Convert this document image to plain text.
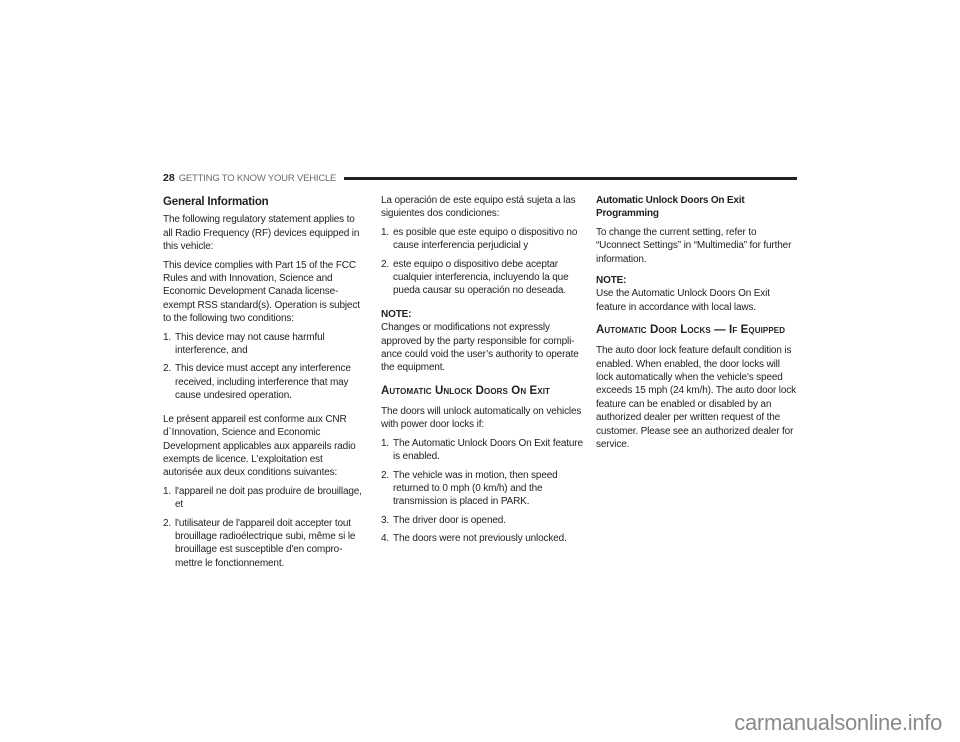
28 GETTING TO KNOW YOUR VEHICLE
General Information

The following regulatory statement applies to all Radio Frequency (RF) devices equipped in this vehicle:

This device complies with Part 15 of the FCC Rules and with Innovation, Science and Economic Development Canada license-exempt RSS standard(s). Operation is subject to the following two conditions:

1. This device may not cause harmful interference, and
2. This device must accept any interference received, including interference that may cause undesired operation.

Le présent appareil est conforme aux CNR d`Innovation, Science and Economic Development applicables aux appareils radio exempts de licence. L'exploitation est autorisée aux deux conditions suivantes:

1. l'appareil ne doit pas produire de brouillage, et
2. l'utilisateur de l'appareil doit accepter tout brouillage radioélectrique subi, même si le brouillage est susceptible d'en compro-mettre le fonctionnement.

La operación de este equipo está sujeta a las siguientes dos condiciones:

1. es posible que este equipo o dispositivo no cause interferencia perjudicial y
2. este equipo o dispositivo debe aceptar cualquier interferencia, incluyendo la que pueda causar su operación no deseada.
NOTE:

Changes or modifications not expressly approved by the party responsible for compli-ance could void the user’s authority to operate the equipment.

Automatic Unlock Doors On Exit

The doors will unlock automatically on vehicles with power door locks if:

1. The Automatic Unlock Doors On Exit feature is enabled.
2. The vehicle was in motion, then speed returned to 0 mph (0 km/h) and the transmission is placed in PARK.
3. The driver door is opened.
4. The doors were not previously unlocked.
Automatic Unlock Doors On Exit Programming

To change the current setting, refer to “Uconnect Settings” in “Multimedia” for further information.

NOTE:

Use the Automatic Unlock Doors On Exit feature in accordance with local laws.

Automatic Door Locks — If Equipped

The auto door lock feature default condition is enabled. When enabled, the door locks will lock automatically when the vehicle's speed exceeds 15 mph (24 km/h). The auto door lock feature can be enabled or disabled by an authorized dealer per written request of the customer. Please see an authorized dealer for service.

carmanualsonline.info
